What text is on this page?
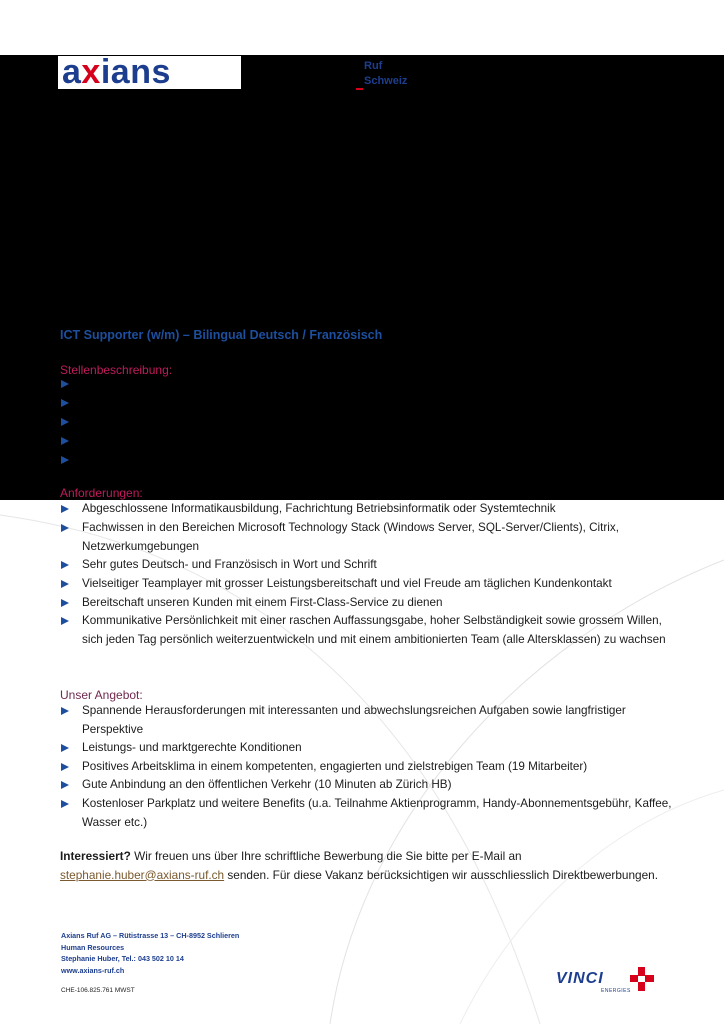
axians	Ruf
Schweiz
ICT Supporter (w/m) – Bilingual Deutsch / Französisch
Stellenbeschreibung:
Anforderungen:
Abgeschlossene Informatikausbildung, Fachrichtung Betriebsinformatik oder Systemtechnik
Fachwissen in den Bereichen Microsoft Technology Stack (Windows Server, SQL-Server/Clients), Citrix, Netzwerkumgebungen
Sehr gutes Deutsch- und Französisch in Wort und Schrift
Vielseitiger Teamplayer mit grosser Leistungsbereitschaft und viel Freude am täglichen Kundenkontakt
Bereitschaft unseren Kunden mit einem First-Class-Service zu dienen
Kommunikative Persönlichkeit mit einer raschen Auffassungsgabe, hoher Selbständigkeit sowie grossem Willen, sich jeden Tag persönlich weiterzuentwickeln und mit einem ambitionierten Team (alle Altersklassen) zu wachsen
Unser Angebot:
Spannende Herausforderungen mit interessanten und abwechslungsreichen Aufgaben sowie langfristiger Perspektive
Leistungs- und marktgerechte Konditionen
Positives Arbeitsklima in einem kompetenten, engagierten und zielstrebigen Team (19 Mitarbeiter)
Gute Anbindung an den öffentlichen Verkehr (10 Minuten ab Zürich HB)
Kostenloser Parkplatz und weitere Benefits (u.a. Teilnahme Aktienprogramm, Handy-Abonnementsgebühr, Kaffee, Wasser etc.)
Interessiert? Wir freuen uns über Ihre schriftliche Bewerbung die Sie bitte per E-Mail an
stephanie.huber@axians-ruf.ch senden. Für diese Vakanz berücksichtigen wir ausschliesslich Direktbewerbungen.
Axians Ruf AG – Rütistrasse 13 – CH-8952 Schlieren
Human Resources
Stephanie Huber, Tel.: 043 502 10 14
www.axians-ruf.ch
CHE-106.825.761 MWST
VINCI
ENERGIES
